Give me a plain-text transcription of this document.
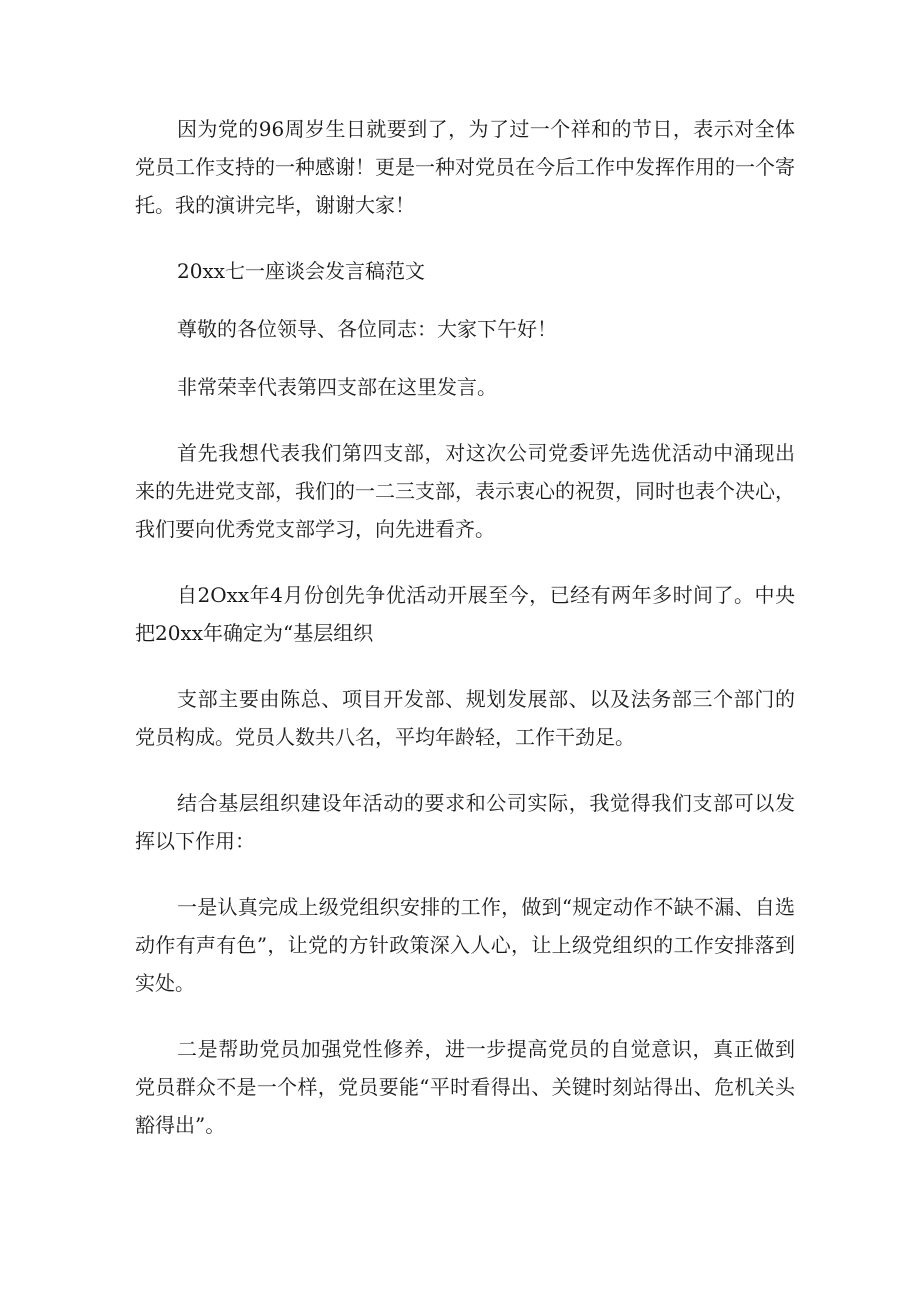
因为党的96周岁生日就要到了，为了过一个祥和的节日，表示对全体党员工作支持的一种感谢！更是一种对党员在今后工作中发挥作用的一个寄托。我的演讲完毕，谢谢大家！

20xx七一座谈会发言稿范文

尊敬的各位领导、各位同志：大家下午好！

非常荣幸代表第四支部在这里发言。

首先我想代表我们第四支部，对这次公司党委评先选优活动中涌现出来的先进党支部，我们的一二三支部，表示衷心的祝贺，同时也表个决心，我们要向优秀党支部学习，向先进看齐。

自2Oxx年4月份创先争优活动开展至今，已经有两年多时间了。中央把20xx年确定为“基层组织

支部主要由陈总、项目开发部、规划发展部、以及法务部三个部门的党员构成。党员人数共八名，平均年龄轻，工作干劲足。

结合基层组织建设年活动的要求和公司实际，我觉得我们支部可以发挥以下作用：

一是认真完成上级党组织安排的工作，做到“规定动作不缺不漏、自选动作有声有色”，让党的方针政策深入人心，让上级党组织的工作安排落到实处。

二是帮助党员加强党性修养，进一步提高党员的自觉意识，真正做到党员群众不是一个样，党员要能“平时看得出、关键时刻站得出、危机关头豁得出”。
